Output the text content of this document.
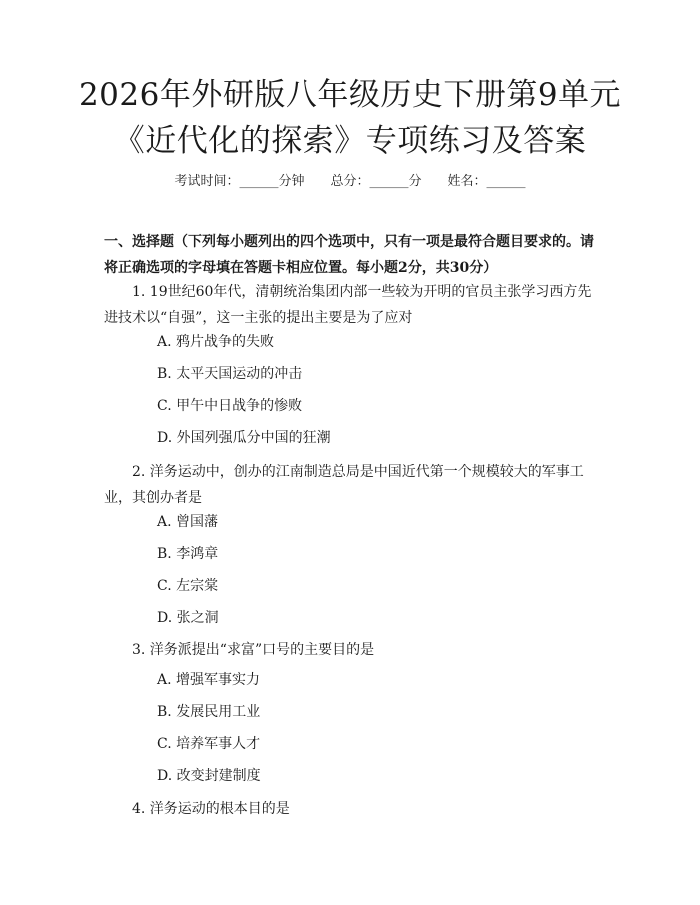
2026年外研版八年级历史下册第9单元《近代化的探索》专项练习及答案
考试时间：______分钟 总分：______分 姓名：______
一、选择题（下列每小题列出的四个选项中，只有一项是最符合题目要求的。请将正确选项的字母填在答题卡相应位置。每小题2分，共30分）
1. 19世纪60年代，清朝统治集团内部一些较为开明的官员主张学习西方先进技术以“自强”，这一主张的提出主要是为了应对
A. 鸦片战争的失败
B. 太平天国运动的冲击
C. 甲午中日战争的惨败
D. 外国列强瓜分中国的狂潮
2. 洋务运动中，创办的江南制造总局是中国近代第一个规模较大的军事工业，其创办者是
A. 曾国藩
B. 李鸿章
C. 左宗棠
D. 张之洞
3. 洋务派提出“求富”口号的主要目的是
A. 增强军事实力
B. 发展民用工业
C. 培养军事人才
D. 改变封建制度
4. 洋务运动的根本目的是
